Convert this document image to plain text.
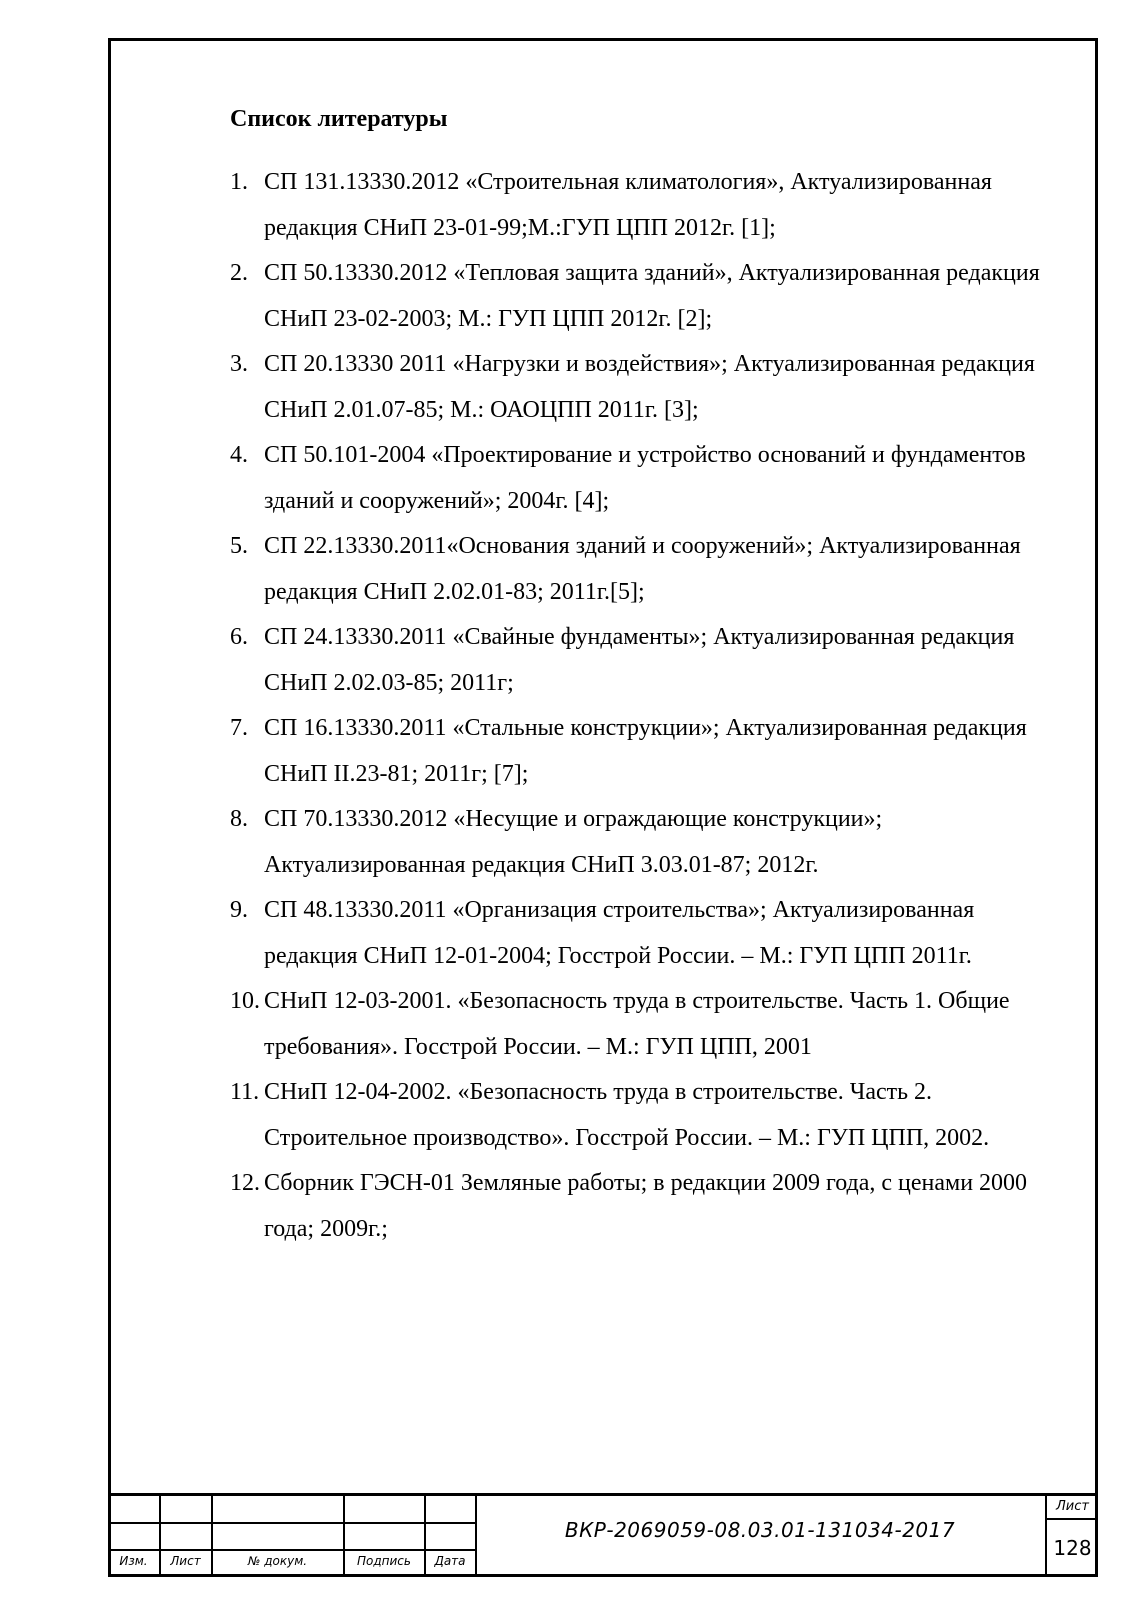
Список литературы
1. СП 131.13330.2012 «Строительная климатология», Актуализированная редакция СНиП 23-01-99;М.:ГУП ЦПП 2012г. [1];
2. СП 50.13330.2012 «Тепловая защита зданий», Актуализированная редакция СНиП 23-02-2003; М.: ГУП ЦПП 2012г. [2];
3. СП 20.13330 2011 «Нагрузки и воздействия»; Актуализированная редакция СНиП 2.01.07-85; М.: ОАОЦПП 2011г. [3];
4. СП 50.101-2004 «Проектирование и устройство оснований и фундаментов зданий и сооружений»; 2004г. [4];
5. СП 22.13330.2011«Основания зданий и сооружений»; Актуализированная редакция СНиП 2.02.01-83; 2011г.[5];
6. СП 24.13330.2011 «Свайные фундаменты»; Актуализированная редакция СНиП 2.02.03-85; 2011г;
7. СП 16.13330.2011 «Стальные конструкции»; Актуализированная редакция СНиП II.23-81; 2011г; [7];
8. СП 70.13330.2012 «Несущие и ограждающие конструкции»; Актуализированная редакция СНиП 3.03.01-87; 2012г.
9. СП 48.13330.2011 «Организация строительства»; Актуализированная редакция СНиП 12-01-2004; Госстрой России. – М.: ГУП ЦПП 2011г.
10. СНиП 12-03-2001. «Безопасность труда в строительстве. Часть 1. Общие требования». Госстрой России. – М.: ГУП ЦПП, 2001
11. СНиП 12-04-2002. «Безопасность труда в строительстве. Часть 2. Строительное производство». Госстрой России. – М.: ГУП ЦПП, 2002.
12. Сборник ГЭСН-01 Земляные работы; в редакции 2009 года, с ценами 2000 года; 2009г.;
Изм.	Лист	№ докум.	Подпись	Дата
ВКР-2069059-08.03.01-131034-2017
Лист
128
